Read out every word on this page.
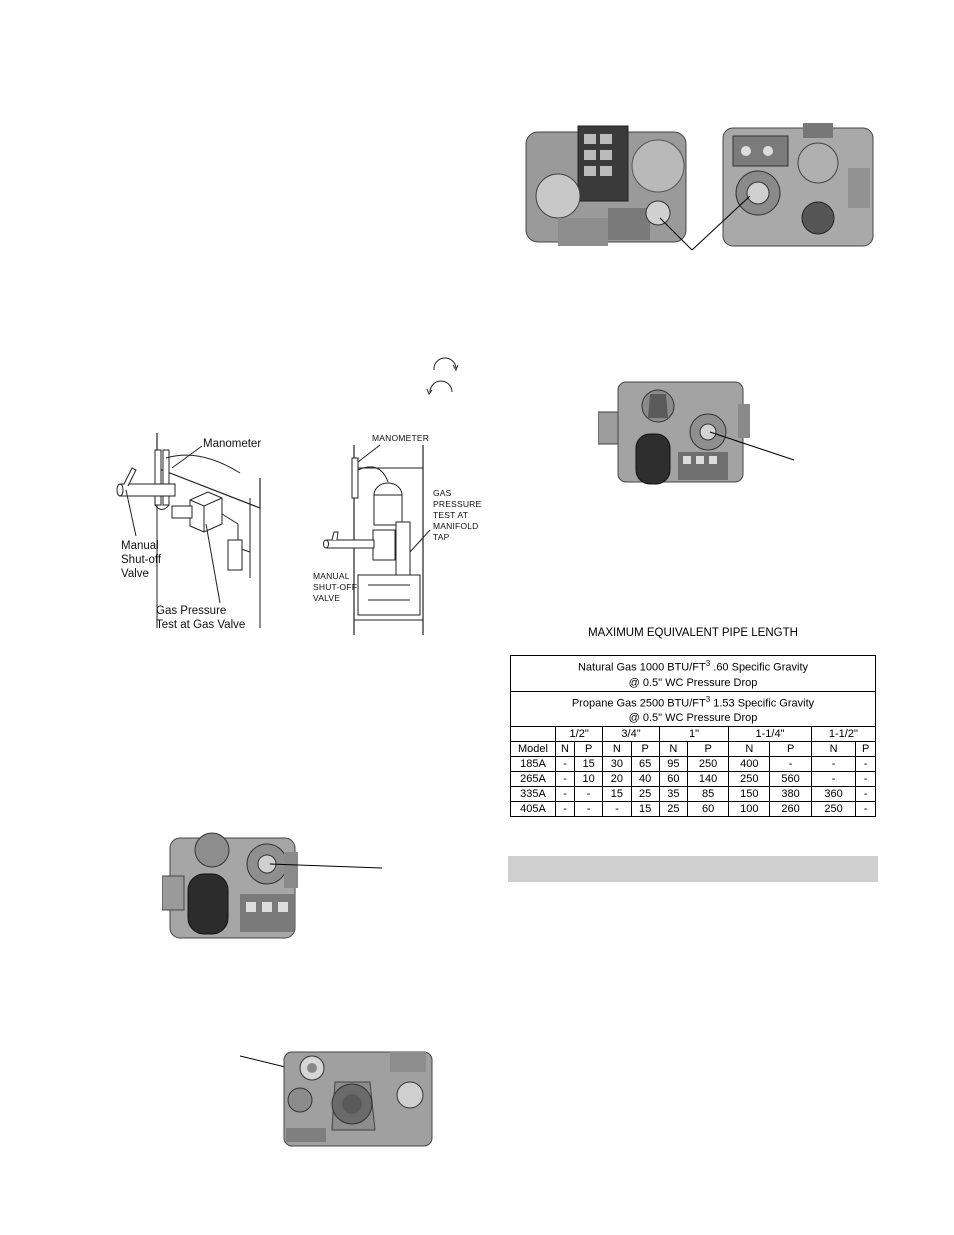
Manometer
Manual
Shut-off
Valve
Gas Pressure
Test at Gas Valve
MANOMETER
GAS
PRESSURE
TEST AT
MANIFOLD
TAP
MANUAL
SHUT-OFF
VALVE
MAXIMUM EQUIVALENT PIPE LENGTH
Natural Gas 1000 BTU/$FT^3$ .60 Specific Gravity
@ 0.5" WC Pressure Drop										
Propane Gas 2500 BTU/$FT^3$ 1.53 Specific Gravity
@ 0.5" WC Pressure Drop										
	1/2"		3/4"		1"		1-1/4"		1-1/2"	
Model	N	P	N	P	N	P	N	P	N	P
185A	-	15	30	65	95	250	400	-	-	-
265A	-	10	20	40	60	140	250	560	-	-
335A	-	-	15	25	35	85	150	380	360	-
405A	-	-	-	15	25	60	100	260	250	-
